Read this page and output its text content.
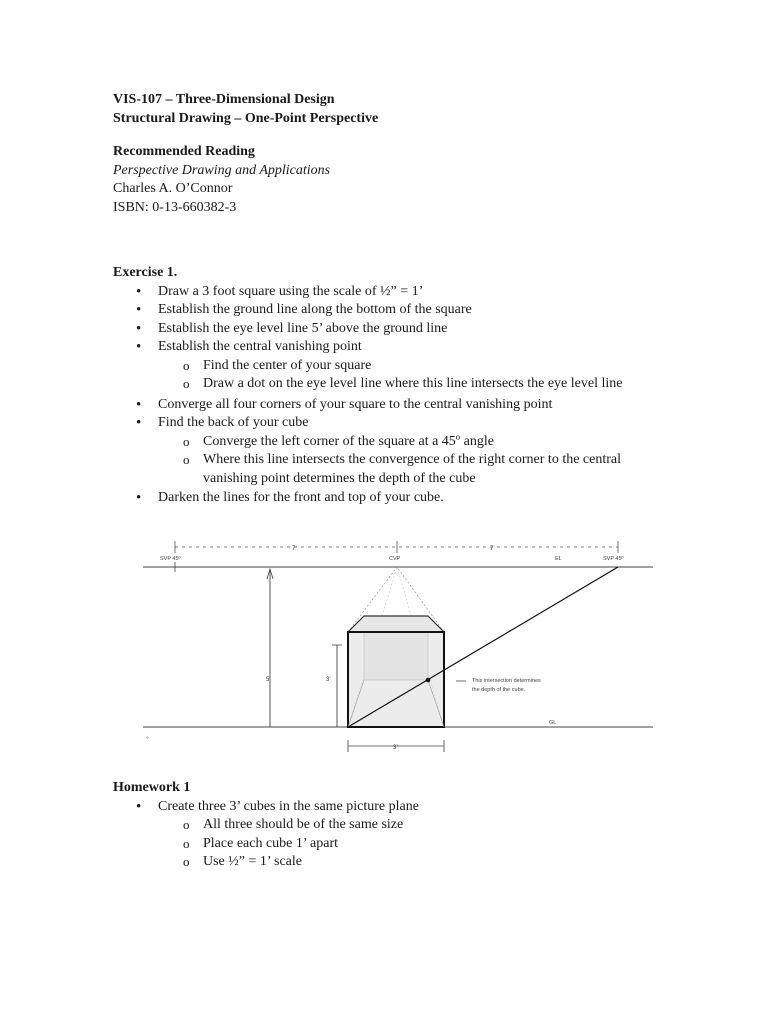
VIS-107 – Three-Dimensional Design

Structural Drawing – One-Point Perspective

Recommended Reading

Perspective Drawing and Applications

Charles A. O’Connor

ISBN: 0-13-660382-3

Exercise 1.

• Draw a 3 foot square using the scale of ½” = 1’
• Establish the ground line along the bottom of the square
• Establish the eye level line 5’ above the ground line
• Establish the central vanishing point
o Find the center of your square
o Draw a dot on the eye level line where this line intersects the eye level line
• Converge all four corners of your square to the central vanishing point
• Find the back of your cube
o Converge the left corner of the square at a 45º angle
o Where this line intersects the convergence of the right corner to the central vanishing point determines the depth of the cube
• Darken the lines for the front and top of your cube.
7’	7’
SVP 45º	CVP	EL	SVP 45º
∘
GL
5’	3’	This intersection determines
the depth of the cube.
3’

Homework 1

• Create three 3’ cubes in the same picture plane
o All three should be of the same size
o Place each cube 1’ apart
o Use ½” = 1’ scale
